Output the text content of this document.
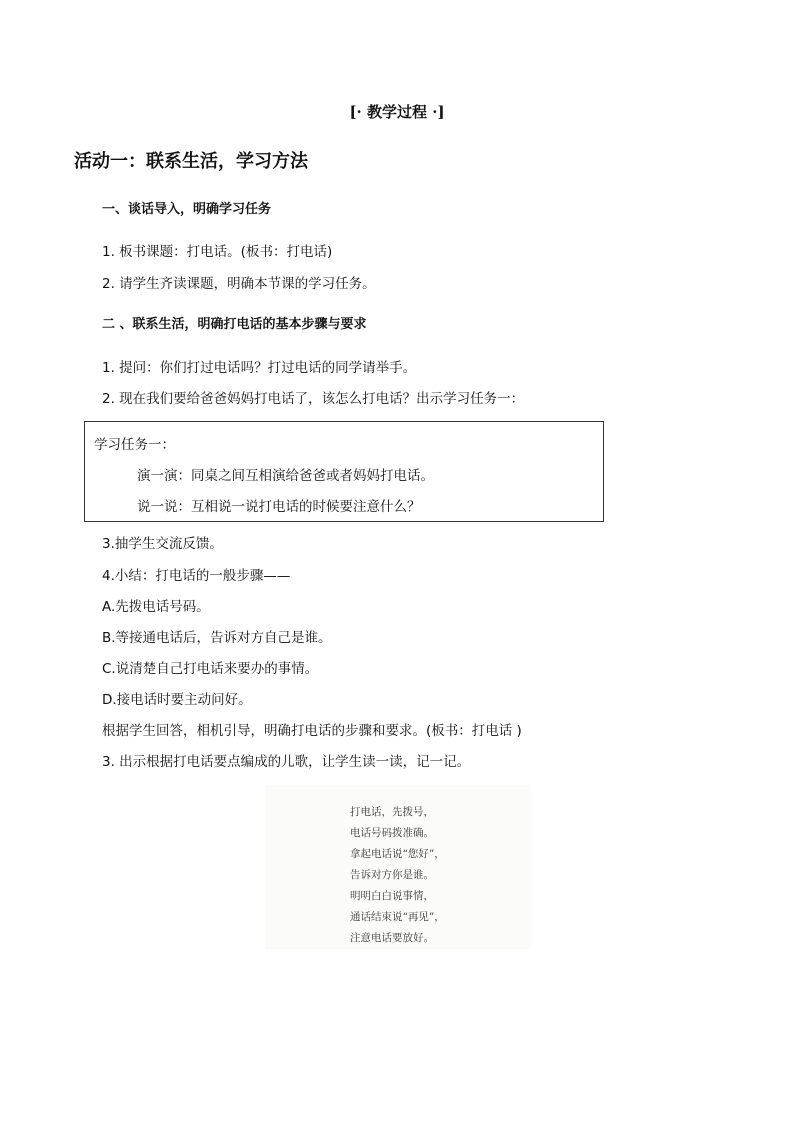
[· 教学过程 ·]
活动一：联系生活，学习方法
一、谈话导入，明确学习任务
1. 板书课题：打电话。(板书：打电话)
2. 请学生齐读课题，明确本节课的学习任务。
二 、联系生活，明确打电话的基本步骤与要求
1. 提问：你们打过电话吗？打过电话的同学请举手。
2. 现在我们要给爸爸妈妈打电话了，该怎么打电话？出示学习任务一：
学习任务一：
演一演：同桌之间互相演给爸爸或者妈妈打电话。
说一说：互相说一说打电话的时候要注意什么？
3.抽学生交流反馈。
4.小结：打电话的一般步骤——
A.先拨电话号码。
B.等接通电话后，告诉对方自己是谁。
C.说清楚自己打电话来要办的事情。
D.接电话时要主动问好。
根据学生回答，相机引导，明确打电话的步骤和要求。(板书：打电话 )
3. 出示根据打电话要点编成的儿歌，让学生读一读，记一记。
打电话，先拨号，
电话号码拨准确。
拿起电话说“您好”，
告诉对方你是谁。
明明白白说事情，
通话结束说“再见”，
注意电话要放好。
